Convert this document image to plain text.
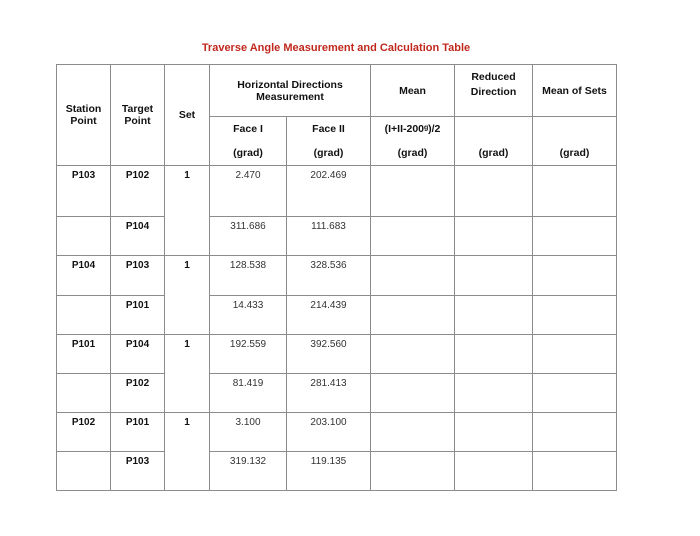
Traverse Angle Measurement and Calculation Table
Station Point	Target Point	Set	Horizontal Directions Measurement		Mean	Reduced	Mean of Sets
						Direction	
			Face I	Face II	(I+II-200ᵍ)/2		
			(grad)	(grad)	(grad)	(grad)	(grad)
P103	P102	1	2.470	202.469			
	P104		311.686	111.683			
P104	P103	1	128.538	328.536			
	P101		14.433	214.439			
P101	P104	1	192.559	392.560			
	P102		81.419	281.413			
P102	P101	1	3.100	203.100			
	P103		319.132	119.135			
